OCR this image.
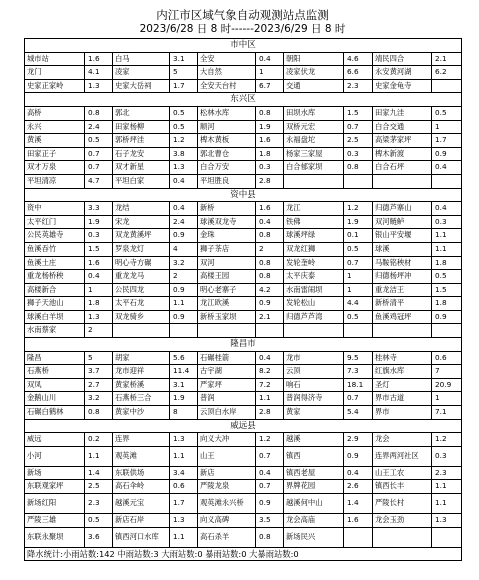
内江市区域气象自动观测站点监测
2023/6/28 日 8 时------2023/6/29 日 8 时
市中区									
城市站	1.6	白马	3.1	全安	0.4	朝阳	4.6	靖民四合	2.1
龙门	4.1	凌家	5	大自然	1	凌家伏龙	6.6	永安黄河湖	6.2
史家正家岭	1.3	史家大岳祠	1.7	全安天台村	6.7	交通	2.3	史家金龟寺	
东兴区									
高桥	0.8	郭北	0.5	松林水库	0.8	田坝水库	1.5	田家九洼	0.5
永兴	2.4	田家杨柳	0.5	顺河	1.9	双桥元宏	0.7	白合交通	1
黄溪	0.5	郭桥坪洼	1.2	椑木黄板	1.6	永福盘坨	2.5	高梁茅家坪	1.7
田家正子	0.7	石子龙安	3.8	郭北曹仓	1.8	杨家三家屋	0.3	椑木新渡	0.9
双才万泉	0.7	双才新星	1.3	白合万安	0.3	白合郁家坝	0.8	白合石坪	0.4
平坦清凉	4.7	平坦白家	0.4	平坦胜良	2.8				
资中县									
资中	3.3	龙结	0.4	新桥	1.6	龙江	1.2	归德芦寨山	0.4
太平红门	1.9	宋龙	2.4	球溪双龙寺	0.4	铁佛	1.9	双河鲢鲈	0.3
公民英雄寺	0.3	双龙黄溪坪	0.9	金珠	0.8	球溪坪绿	0.1	银山平安堰	1.1
鱼溪吞竹	1.5	罗泉龙灯	4	狮子茶店	2	双龙红狮	0.5	球溪	1.1
鱼溪土庄	1.6	明心寺方碾	3.2	双河	0.8	发轮奎岭	0.7	马鞍铭秧材	1.8
重龙杨桥秧	0.4	重龙龙马	2	高楼王园	0.8	太平庆泰	1	归德杨坪冲	0.5
高楼新合	1	公民四龙	0.9	明心老寨子	4.2	水南雷闹坝	1	重龙洁王	1.5
狮子天池山	1.8	太平石龙	1.1	龙江欧溪	0.9	发轮松山	4.4	新桥清平	1.8
球溪白羊坝	1.3	双龙骑乡	0.9	新桥玉家坝	2.1	归德芦芦湾	0.5	鱼溪鸡冠坪	0.9
水南蔡家	2								
隆昌市									
隆昌	5	胡家	5.6	石碾桂箭	0.4	龙市	9.5	桂林寺	0.6
石燕桥	3.7	龙市迎祥	11.4	古宇湖	8.2	云顶	7.3	红旗水库	7
双凤	2.7	黄家桥溪	3.1	严家坪	7.2	响石	18.1	圣灯	20.9
金鹅山川	3.2	石燕桥三合	1.9	普润	1.1	普润得济寺	0.7	界市古道	1
石碾白鹤林	0.8	黄家中沙	8	云顶白水岸	2.8	黄家	5.4	界市	7.1
威远县									
威远	0.2	连界	1.3	向义大冲	1.2	越溪	2.9	龙会	1.2
小河	1.1	观英滩	1.1	山王	0.7	镇西	0.9	连界两河社区	0.3
新场	1.4	东联供场	3.4	新店	0.4	镇西老屋	0.4	山王工农	2.3
东联观家坪	2.5	高石伞岭	0.6	严陵龙泉	0.7	界牌花园	2.6	镇西长丰	1.1
新场红阳	2.3	越溪元宝	1.7	观英滩永兴桥	0.9	越溪何中山	1.4	严陵长村	1.1
严陵三雄	0.5	新店石岸	1.3	向义高碑	3.5	龙会高庙	1.6	龙会玉劲	1.3
东联永聚坝	3.6	镇西河口水库	1.1	高石杀羊	0.8	新场民兴			
降水统计:小雨站数:142 中雨站数:3 大雨站数:0 暴雨站数:0 大暴雨站数:0									
